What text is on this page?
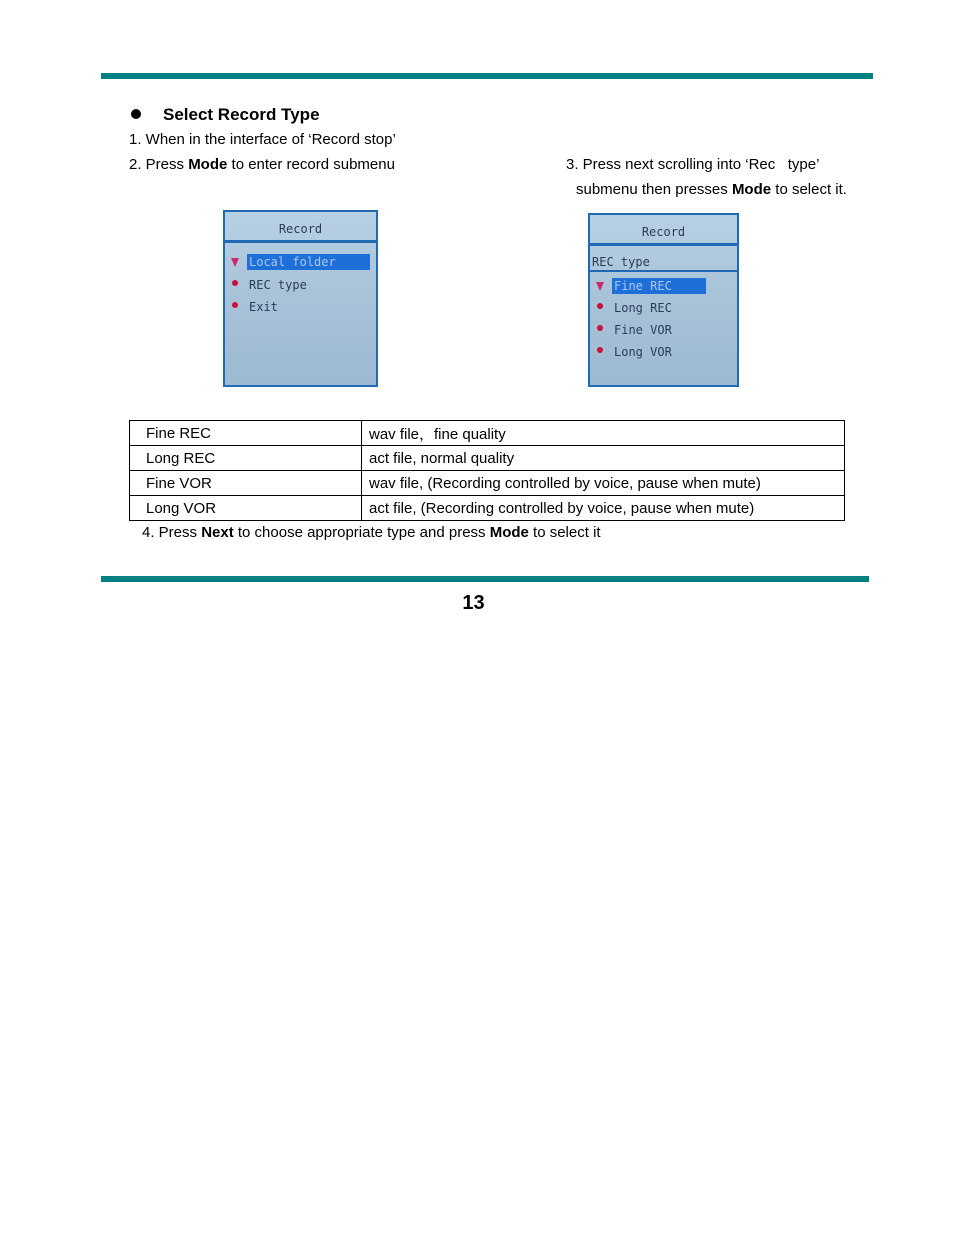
Select Record Type
1. When in the interface of ‘Record stop’
2. Press Mode to enter record submenu	3. Press next scrolling into ‘Rec   type’
submenu then presses Mode to select it.
Record
Local folder
REC type
Exit
Record
REC type
Fine REC
Long REC
Fine VOR
Long VOR
Fine REC	wav file，fine quality
Long REC	act file, normal quality
Fine VOR	wav file, (Recording controlled by voice, pause when mute)
Long VOR	act file, (Recording controlled by voice, pause when mute)
4. Press Next to choose appropriate type and press Mode to select it
13
